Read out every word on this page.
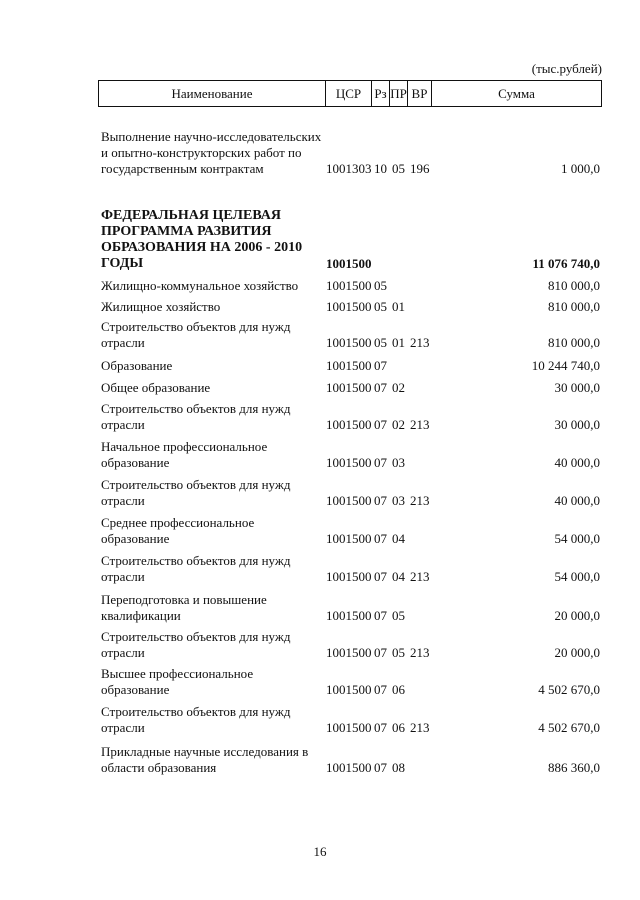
(тыс.рублей)
Наименование	ЦСР	Рз ПР ВР	Сумма
Выполнение научно-исследовательских и опытно-конструкторских работ по государственным контрактам	1001303 10 05 196	1 000,0
ФЕДЕРАЛЬНАЯ ЦЕЛЕВАЯ ПРОГРАММА РАЗВИТИЯ ОБРАЗОВАНИЯ НА 2006 - 2010 ГОДЫ	1001500	11 076 740,0
Жилищно-коммунальное хозяйство	1001500 05	810 000,0
Жилищное хозяйство	1001500 05 01	810 000,0
Строительство объектов для нужд отрасли	1001500 05 01 213	810 000,0
Образование	1001500 07	10 244 740,0
Общее образование	1001500 07 02	30 000,0
Строительство объектов для нужд отрасли	1001500 07 02 213	30 000,0
Начальное профессиональное образование	1001500 07 03	40 000,0
Строительство объектов для нужд отрасли	1001500 07 03 213	40 000,0
Среднее профессиональное образование	1001500 07 04	54 000,0
Строительство объектов для нужд отрасли	1001500 07 04 213	54 000,0
Переподготовка и повышение квалификации	1001500 07 05	20 000,0
Строительство объектов для нужд отрасли	1001500 07 05 213	20 000,0
Высшее профессиональное образование	1001500 07 06	4 502 670,0
Строительство объектов для нужд отрасли	1001500 07 06 213	4 502 670,0
Прикладные научные исследования в области образования	1001500 07 08	886 360,0
16
